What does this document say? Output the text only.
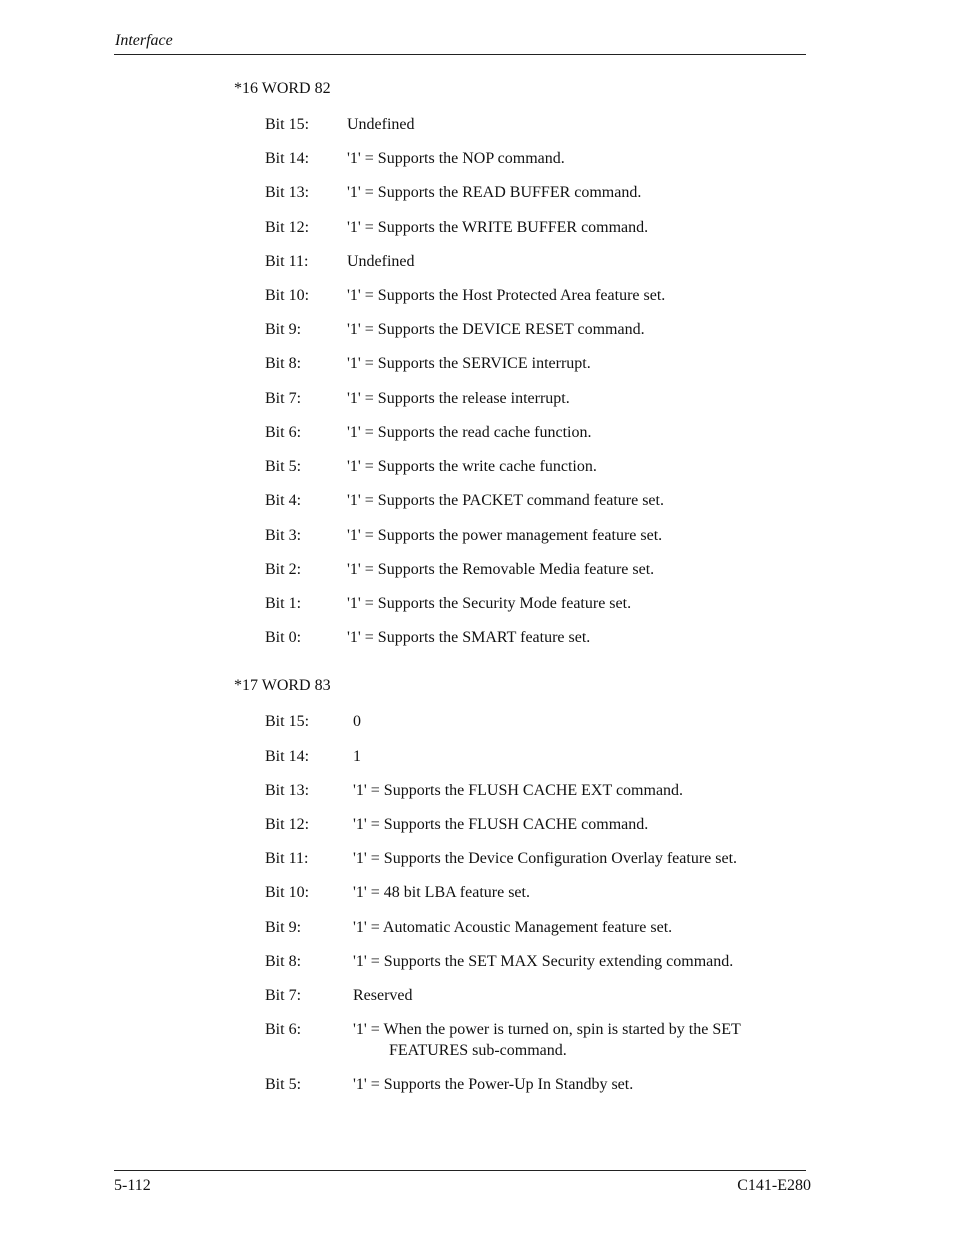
Interface
*16 WORD 82
Bit 15: Undefined
Bit 14: '1' = Supports the NOP command.
Bit 13: '1' = Supports the READ BUFFER command.
Bit 12: '1' = Supports the WRITE BUFFER command.
Bit 11: Undefined
Bit 10: '1' = Supports the Host Protected Area feature set.
Bit 9:	'1' = Supports the DEVICE RESET command.
Bit 8:	'1' = Supports the SERVICE interrupt.
Bit 7:	'1' = Supports the release interrupt.
Bit 6:	'1' = Supports the read cache function.
Bit 5:	'1' = Supports the write cache function.
Bit 4:	'1' = Supports the PACKET command feature set.
Bit 3:	'1' = Supports the power management feature set.
Bit 2:	'1' = Supports the Removable Media feature set.
Bit 1:	'1' = Supports the Security Mode feature set.
Bit 0:	'1' = Supports the SMART feature set.
*17 WORD 83
Bit 15:	0
Bit 14:	1
Bit 13:	'1' = Supports the FLUSH CACHE EXT command.
Bit 12:	'1' = Supports the FLUSH CACHE command.
Bit 11:	'1' = Supports the Device Configuration Overlay feature set.
Bit 10:	'1' = 48 bit LBA feature set.
Bit 9:	'1' = Automatic Acoustic Management feature set.
Bit 8:	'1' = Supports the SET MAX Security extending command.
Bit 7:	Reserved
Bit 6:	'1' = When the power is turned on, spin is started by the SET
FEATURES sub-command.
Bit 5:	'1' = Supports the Power-Up In Standby set.
5-112	C141-E280
